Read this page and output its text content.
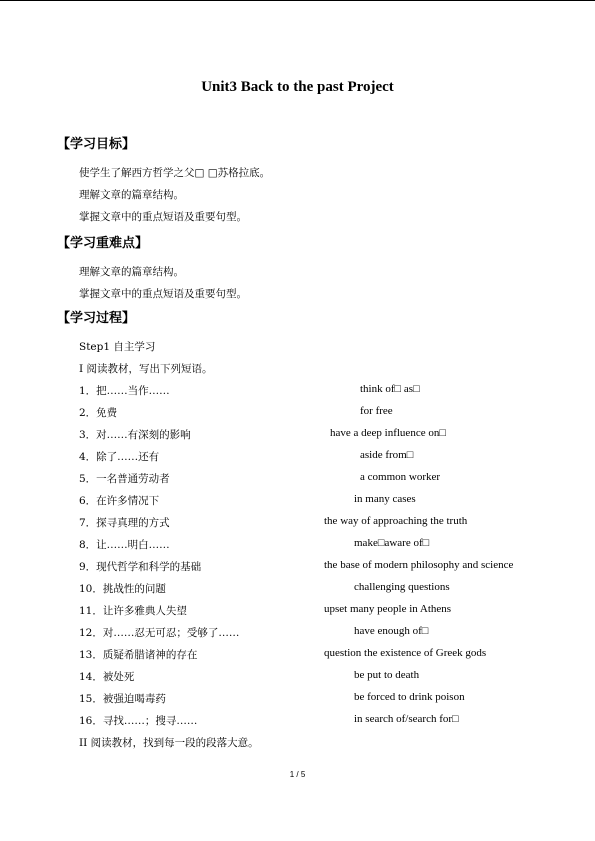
Unit3 Back to the past Project
【学习目标】
使学生了解西方哲学之父□ □苏格拉底。
理解文章的篇章结构。
掌握文章中的重点短语及重要句型。
【学习重难点】
理解文章的篇章结构。
掌握文章中的重点短语及重要句型。
【学习过程】
Step1 自主学习
I 阅读教材，写出下列短语。
1．把……当作……	think of□ as□
2．免费	for free
3．对……有深刻的影响	have a deep influence on□
4．除了……还有	aside from□
5．一名普通劳动者	a common worker
6．在许多情况下	in many cases
7．探寻真理的方式	the way of approaching the truth
8．让……明白……	make□aware of□
9．现代哲学和科学的基础	the base of modern philosophy and science
10．挑战性的问题	challenging questions
11．让许多雅典人失望	upset many people in Athens
12．对……忍无可忍；受够了……	have enough of□
13．质疑希腊诸神的存在	question the existence of Greek gods
14．被处死	be put to death
15．被强迫喝毒药	be forced to drink poison
16．寻找……；搜寻……	in search of/search for□
II 阅读教材，找到每一段的段落大意。
1 / 5
